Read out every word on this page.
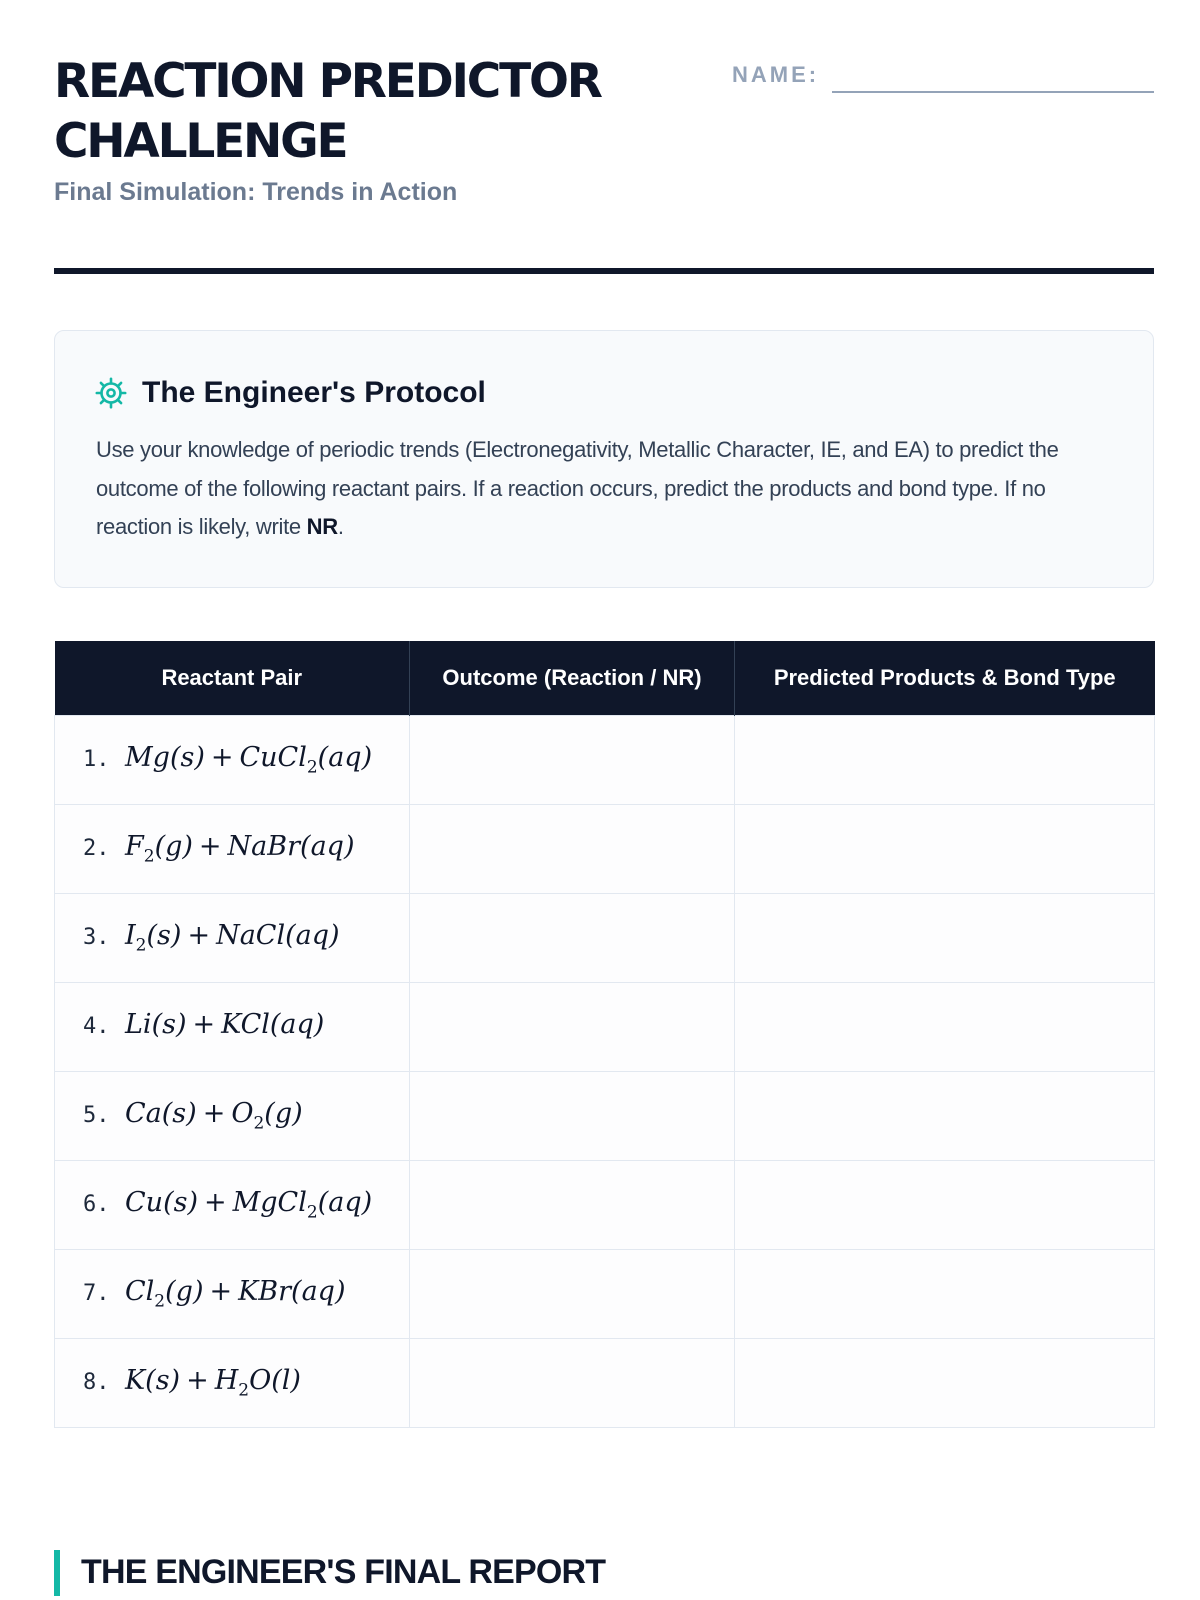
REACTION PREDICTOR CHALLENGE
Final Simulation: Trends in Action
NAME:
The Engineer's Protocol

Use your knowledge of periodic trends (Electronegativity, Metallic Character, IE, and EA) to predict the outcome of the following reactant pairs. If a reaction occurs, predict the products and bond type. If no reaction is likely, write NR.

Reactant Pair	Outcome (Reaction / NR)	Predicted Products & Bond Type
1. Mg(s) + CuCl$_2$(aq)		
2. $F_2(g)$ + NaBr(aq)		
3. $I_2(s)$ + NaCl(aq)		
4. Li(s) + KCl(aq)		
5. $Ca(s) + O_2(g)$		
6. Cu(s) + MgCl$_2$(aq)		
7. $Cl_2(g) + KBr(aq)$		
8. $K(s) + H_2O(l)$		
THE ENGINEER'S FINAL REPORT
